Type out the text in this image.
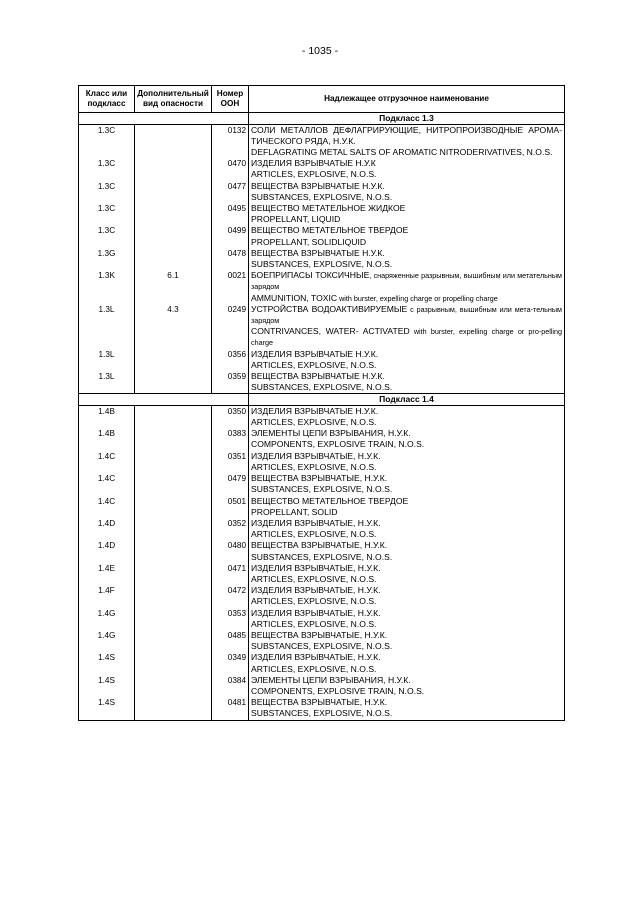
- 1035 -
Класс или подкласс	Дополнительный вид опасности	Номер ООН	Надлежащее отгрузочное наименование
			Подкласс 1.3
1.3C		0132	СОЛИ МЕТАЛЛОВ ДЕФЛАГРИРУЮЩИЕ, НИТРОПРОИЗВОДНЫЕ АРОМА-ТИЧЕСКОГО РЯДА, Н.У.К.
DEFLAGRATING METAL SALTS OF AROMATIC NITRODERIVATIVES, N.O.S.

1.3C		0470	ИЗДЕЛИЯ ВЗРЫВЧАТЫЕ Н.У.К
ARTICLES, EXPLOSIVE, N.O.S.

1.3C		0477	ВЕЩЕСТВА ВЗРЫВЧАТЫЕ Н.У.К.
SUBSTANCES, EXPLOSIVE, N.O.S.

1.3C		0495	ВЕЩЕСТВО МЕТАТЕЛЬНОЕ ЖИДКОЕ
PROPELLANT, LIQUID

1.3C		0499	ВЕЩЕСТВО МЕТАТЕЛЬНОЕ ТВЕРДОЕ
PROPELLANT, SOLIDLIQUID

1.3G		0478	ВЕЩЕСТВА ВЗРЫВЧАТЫЕ Н.У.К.
SUBSTANCES, EXPLOSIVE, N.O.S.

1.3K	6.1	0021	БОЕПРИПАСЫ ТОКСИЧНЫЕ, снаряженные разрывным, вышибным или метательным зарядом
AMMUNITION, TOXIC with burster, expelling charge or propelling charge

1.3L	4.3	0249	УСТРОЙСТВА ВОДОАКТИВИРУЕМЫЕ с разрывным, вышибным или мета-тельным зарядом
CONTRIVANCES, WATER- ACTIVATED with burster, expelling charge or pro-pelling charge

1.3L		0356	ИЗДЕЛИЯ ВЗРЫВЧАТЫЕ Н.У.К.
ARTICLES, EXPLOSIVE, N.O.S.

1.3L		0359	ВЕЩЕСТВА ВЗРЫВЧАТЫЕ Н.У.К.
SUBSTANCES, EXPLOSIVE, N.O.S.

			Подкласс 1.4
1.4B		0350	ИЗДЕЛИЯ ВЗРЫВЧАТЫЕ Н.У.К.
ARTICLES, EXPLOSIVE, N.O.S.

1.4B		0383	ЭЛЕМЕНТЫ ЦЕПИ ВЗРЫВАНИЯ, Н.У.К.
COMPONENTS, EXPLOSIVE TRAIN, N.O.S.

1.4C		0351	ИЗДЕЛИЯ ВЗРЫВЧАТЫЕ, Н.У.К.
ARTICLES, EXPLOSIVE, N.O.S.

1.4C		0479	ВЕЩЕСТВА ВЗРЫВЧАТЫЕ, Н.У.К.
SUBSTANCES, EXPLOSIVE, N.O.S.

1.4C		0501	ВЕЩЕСТВО МЕТАТЕЛЬНОЕ ТВЕРДОЕ
PROPELLANT, SOLID

1.4D		0352	ИЗДЕЛИЯ ВЗРЫВЧАТЫЕ, Н.У.К.
ARTICLES, EXPLOSIVE, N.O.S.

1.4D		0480	ВЕЩЕСТВА ВЗРЫВЧАТЫЕ, Н.У.К.
SUBSTANCES, EXPLOSIVE, N.O.S.

1.4E		0471	ИЗДЕЛИЯ ВЗРЫВЧАТЫЕ, Н.У.К.
ARTICLES, EXPLOSIVE, N.O.S.

1.4F		0472	ИЗДЕЛИЯ ВЗРЫВЧАТЫЕ, Н.У.К.
ARTICLES, EXPLOSIVE, N.O.S.

1.4G		0353	ИЗДЕЛИЯ ВЗРЫВЧАТЫЕ, Н.У.К.
ARTICLES, EXPLOSIVE, N.O.S.

1.4G		0485	ВЕЩЕСТВА ВЗРЫВЧАТЫЕ, Н.У.К.
SUBSTANCES, EXPLOSIVE, N.O.S.

1.4S		0349	ИЗДЕЛИЯ ВЗРЫВЧАТЫЕ, Н.У.К.
ARTICLES, EXPLOSIVE, N.O.S.

1.4S		0384	ЭЛЕМЕНТЫ ЦЕПИ ВЗРЫВАНИЯ, Н.У.К.
COMPONENTS, EXPLOSIVE TRAIN, N.O.S.

1.4S		0481	ВЕЩЕСТВА ВЗРЫВЧАТЫЕ, Н.У.К.
SUBSTANCES, EXPLOSIVE, N.O.S.
